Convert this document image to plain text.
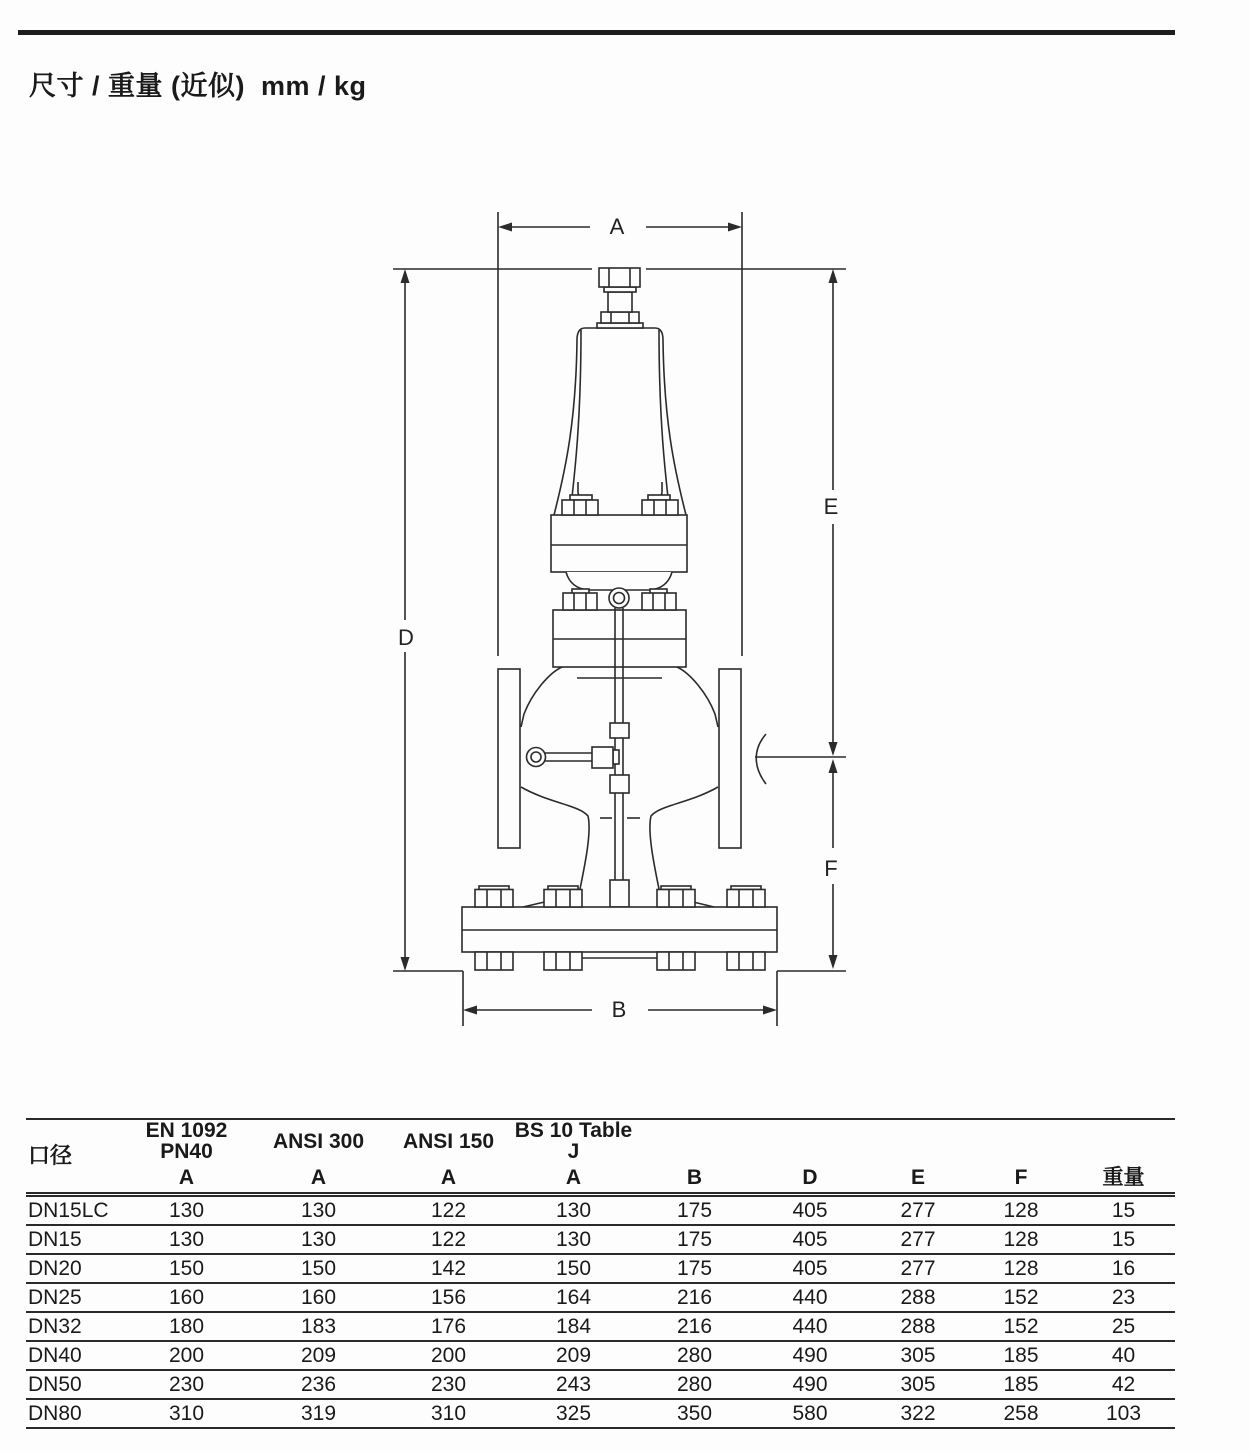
尺寸 / 重量 (近似)  mm / kg
A
D
E
F
B
口径	EN 1092 PN40	ANSI 300	ANSI 150	BS 10 Table J					
	A	A	A	A	B	D	E	F	重量
DN15LC	130	130	122	130	175	405	277	128	15
DN15	130	130	122	130	175	405	277	128	15
DN20	150	150	142	150	175	405	277	128	16
DN25	160	160	156	164	216	440	288	152	23
DN32	180	183	176	184	216	440	288	152	25
DN40	200	209	200	209	280	490	305	185	40
DN50	230	236	230	243	280	490	305	185	42
DN80	310	319	310	325	350	580	322	258	103
